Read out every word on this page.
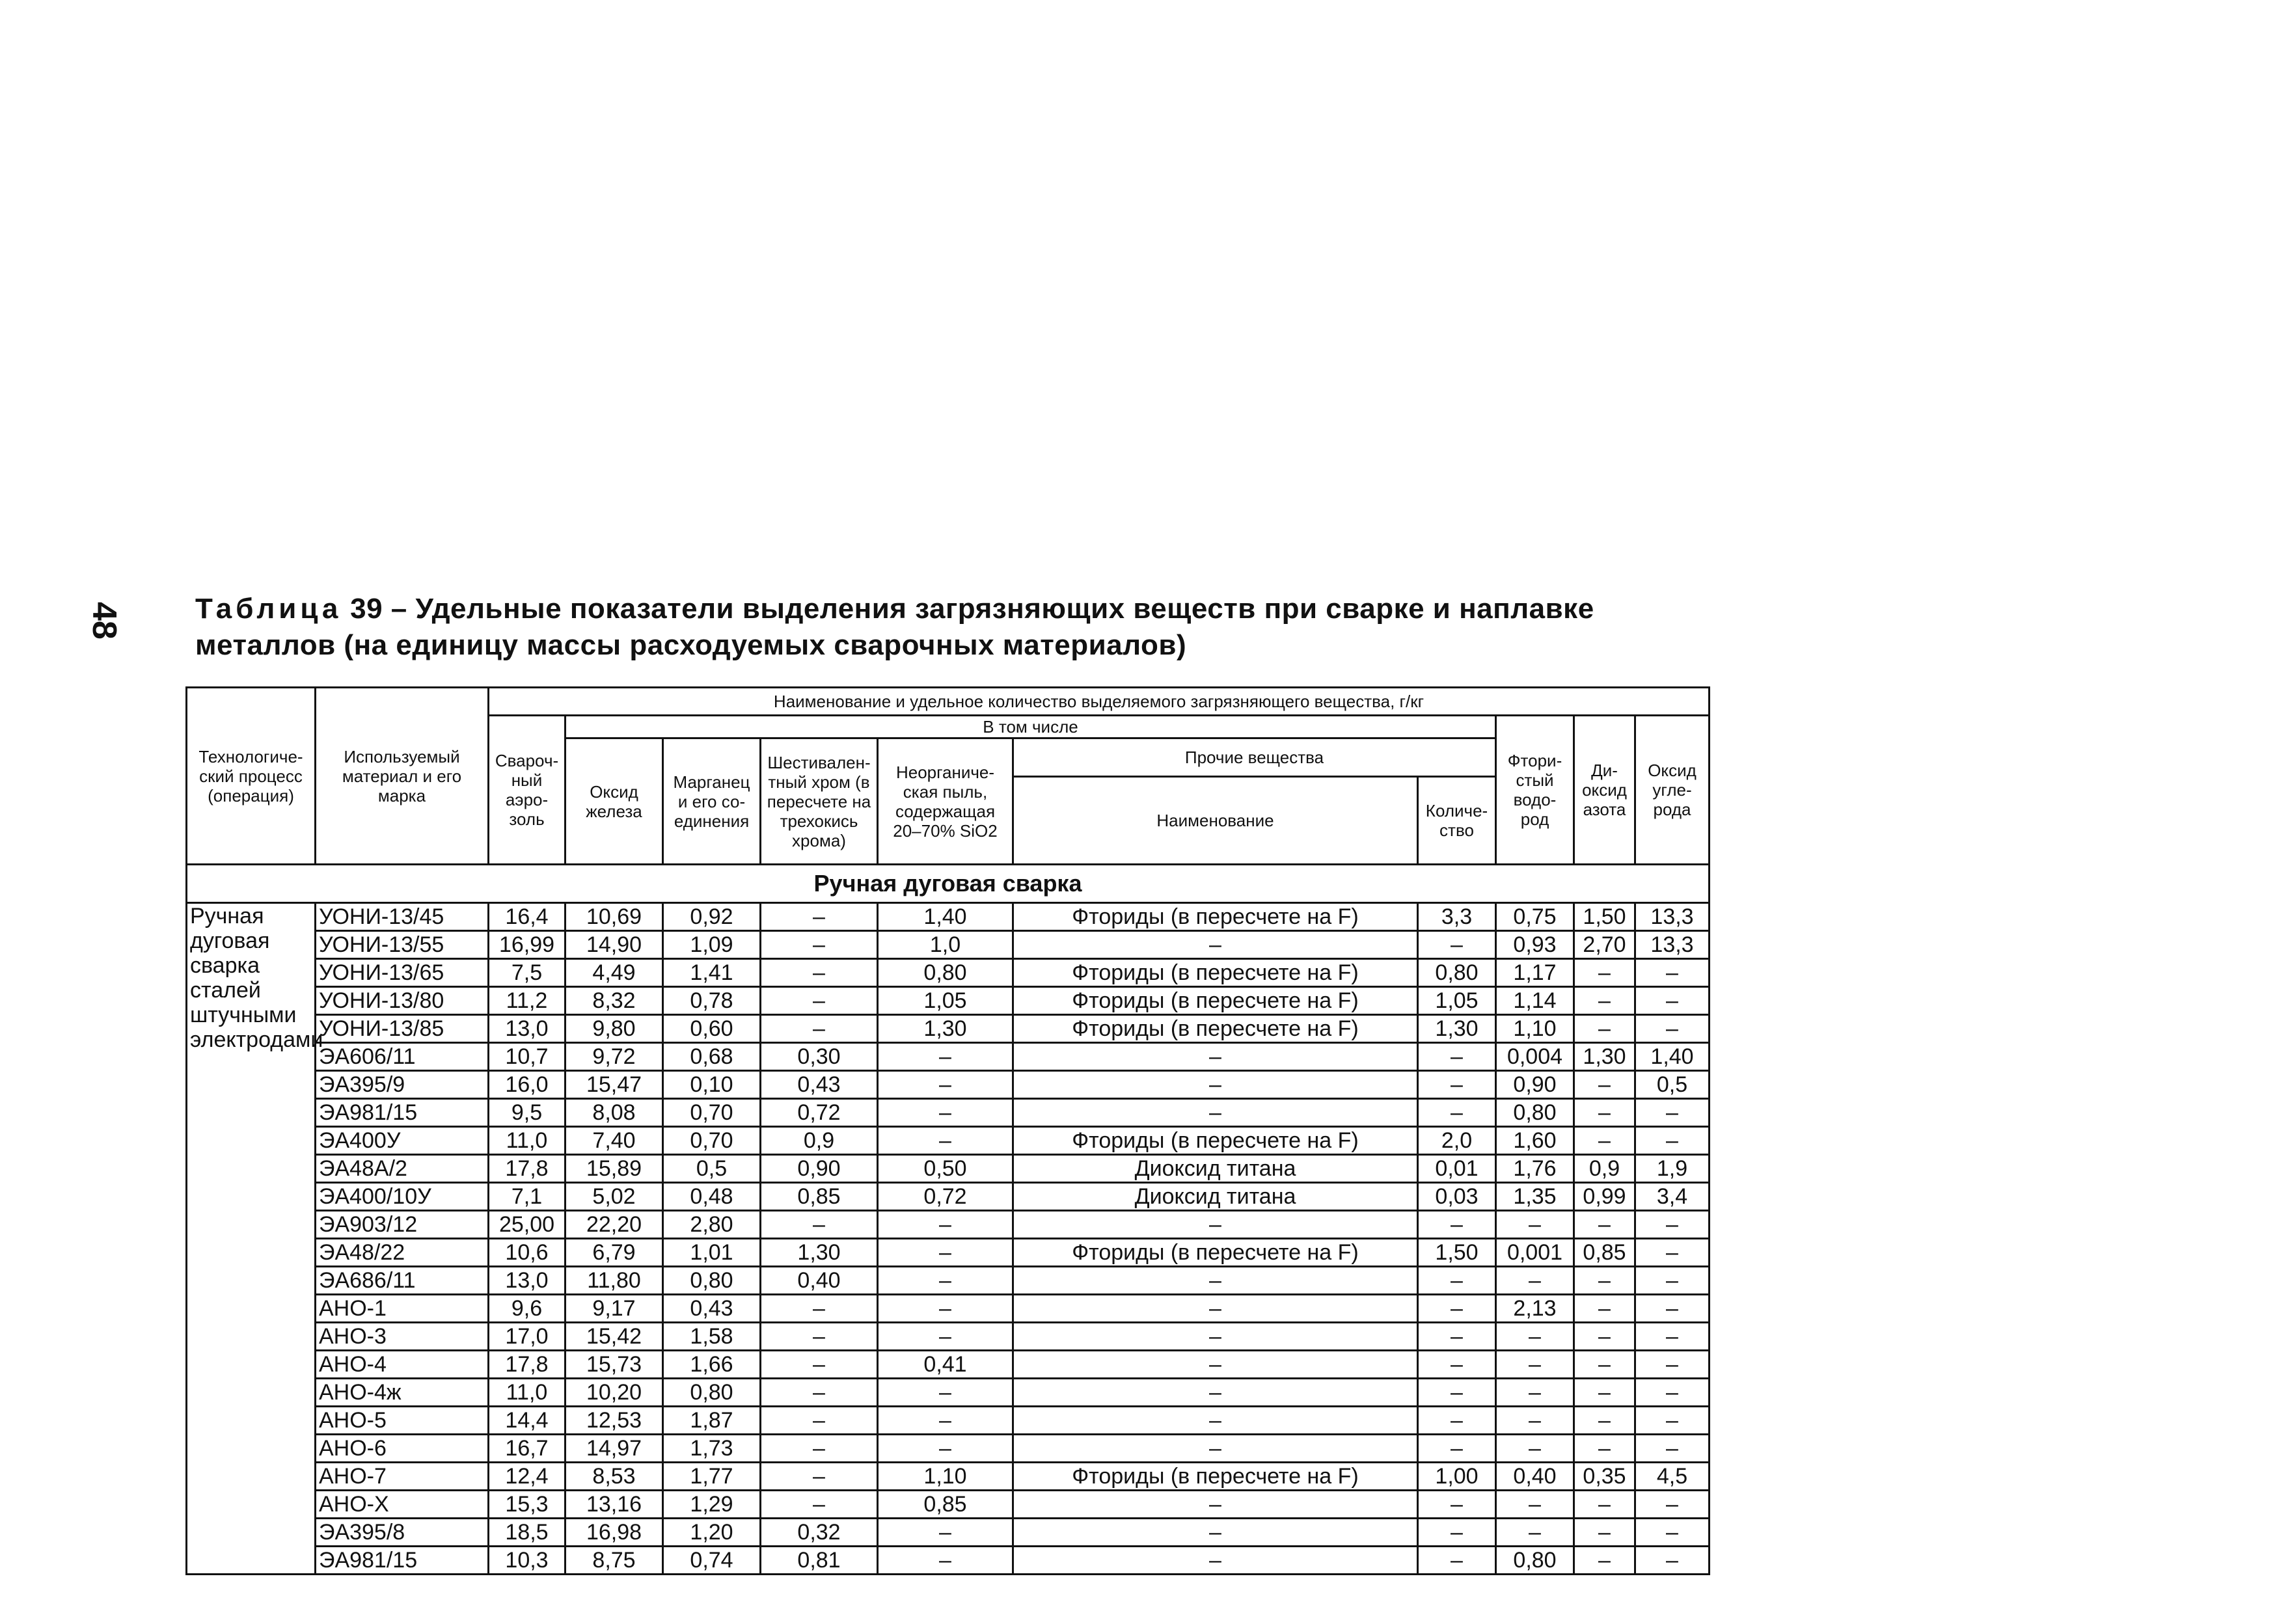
48	Таблица 39 – Удельные показатели выделения загрязняющих веществ при сварке и наплавке
металлов (на единицу массы расходуемых сварочных материалов)
Технологиче-ский процесс (операция)	Используемый материал и его марка	Наименование и удельное количество выделяемого загрязняющего вещества, г/кг									
		Свароч-ный аэро-золь	В том числе						Фтори-стый водо-род	Ди-оксид азота	Оксид угле-рода
			Оксид железа	Марганец и его со-единения	Шестивален-тный хром (в пересчете на трехокись хрома)	Неорганиче-ская пыль, содержащая 20–70% SiO2	Прочие вещества				
							Наименование	Количе-ство			
Ручная дуговая сварка											
Ручная дуговая сварка сталей штучными электродами	УОНИ-13/45	16,4	10,69	0,92	–	1,40	Фториды (в пересчете на F)	3,3	0,75	1,50	13,3
	УОНИ-13/55	16,99	14,90	1,09	–	1,0	–	–	0,93	2,70	13,3
	УОНИ-13/65	7,5	4,49	1,41	–	0,80	Фториды (в пересчете на F)	0,80	1,17	–	–
	УОНИ-13/80	11,2	8,32	0,78	–	1,05	Фториды (в пересчете на F)	1,05	1,14	–	–
	УОНИ-13/85	13,0	9,80	0,60	–	1,30	Фториды (в пересчете на F)	1,30	1,10	–	–
	ЭА606/11	10,7	9,72	0,68	0,30	–	–	–	0,004	1,30	1,40
	ЭА395/9	16,0	15,47	0,10	0,43	–	–	–	0,90	–	0,5
	ЭА981/15	9,5	8,08	0,70	0,72	–	–	–	0,80	–	–
	ЭА400У	11,0	7,40	0,70	0,9	–	Фториды (в пересчете на F)	2,0	1,60	–	–
	ЭА48А/2	17,8	15,89	0,5	0,90	0,50	Диоксид титана	0,01	1,76	0,9	1,9
	ЭА400/10У	7,1	5,02	0,48	0,85	0,72	Диоксид титана	0,03	1,35	0,99	3,4
	ЭА903/12	25,00	22,20	2,80	–	–	–	–	–	–	–
	ЭА48/22	10,6	6,79	1,01	1,30	–	Фториды (в пересчете на F)	1,50	0,001	0,85	–
	ЭА686/11	13,0	11,80	0,80	0,40	–	–	–	–	–	–
	АНО-1	9,6	9,17	0,43	–	–	–	–	2,13	–	–
	АНО-3	17,0	15,42	1,58	–	–	–	–	–	–	–
	АНО-4	17,8	15,73	1,66	–	0,41	–	–	–	–	–
	АНО-4ж	11,0	10,20	0,80	–	–	–	–	–	–	–
	АНО-5	14,4	12,53	1,87	–	–	–	–	–	–	–
	АНО-6	16,7	14,97	1,73	–	–	–	–	–	–	–
	АНО-7	12,4	8,53	1,77	–	1,10	Фториды (в пересчете на F)	1,00	0,40	0,35	4,5
	АНО-Х	15,3	13,16	1,29	–	0,85	–	–	–	–	–
	ЭА395/8	18,5	16,98	1,20	0,32	–	–	–	–	–	–
	ЭА981/15	10,3	8,75	0,74	0,81	–	–	–	0,80	–	–
